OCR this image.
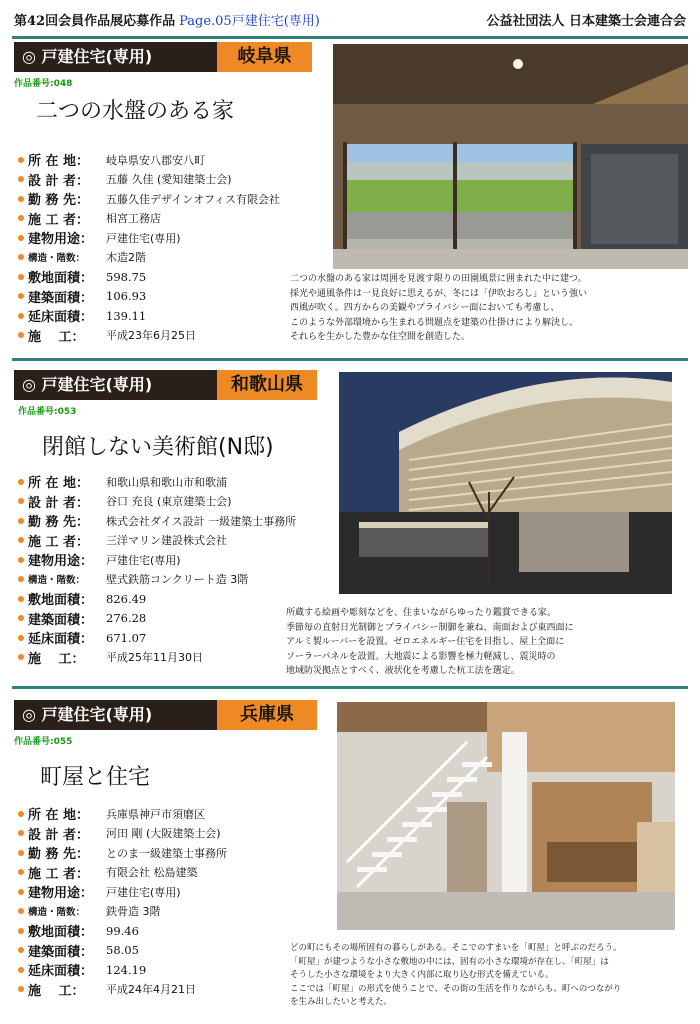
第42回会員作品展応募作品 Page.05戸建住宅(専用)	公益社団法人 日本建築士会連合会
◎ 戸建住宅(専用)	岐阜県
作品番号:048
二つの水盤のある家
所 在 地：	岐阜県安八郡安八町
設 計 者：	五藤 久佳 (愛知建築士会)
勤 務 先：	五藤久佳デザインオフィス有限会社
施 工 者：	相宮工務店
建物用途：	戸建住宅(専用)
構造・階数：	木造2階
敷地面積：	598.75
建築面積：	106.93
延床面積：	139.11
施　 工：	平成23年6月25日
二つの水盤のある家は周囲を見渡す限りの田園風景に囲まれた中に建つ。
採光や通風条件は一見良好に思えるが、冬には「伊吹おろし」という強い
西風が吹く。四方からの美観やプライバシー面においても考慮し、
このような外部環境から生まれる問題点を建築の仕掛けにより解決し、
それらを生かした豊かな住空間を創造した。
◎ 戸建住宅(専用)	和歌山県
作品番号:053
閉館しない美術館(N邸)
所 在 地：	和歌山県和歌山市和歌浦
設 計 者：	谷口 充良 (東京建築士会)
勤 務 先：	株式会社ダイス設計 一級建築士事務所
施 工 者：	三洋マリン建設株式会社
建物用途：	戸建住宅(専用)
構造・階数：	壁式鉄筋コンクリート造 3階
敷地面積：	826.49
建築面積：	276.28
延床面積：	671.07
施　 工：	平成25年11月30日
所蔵する絵画や彫刻などを、住まいながらゆったり鑑賞できる家。
季節毎の直射日光制御とプライバシー制御を兼ね、南面および東西面に
アルミ製ルーバーを設置。ゼロエネルギー住宅を目指し、屋上全面に
ソーラーパネルを設置。大地震による影響を極力軽減し、震災時の
地域防災拠点とすべく、液状化を考慮した杭工法を選定。
◎ 戸建住宅(専用)	兵庫県
作品番号:055
町屋と住宅
所 在 地：	兵庫県神戸市須磨区
設 計 者：	河田 剛 (大阪建築士会)
勤 務 先：	とのま一級建築士事務所
施 工 者：	有限会社 松島建築
建物用途：	戸建住宅(専用)
構造・階数：	鉄骨造 3階
敷地面積：	99.46
建築面積：	58.05
延床面積：	124.19
施　 工：	平成24年4月21日
どの町にもその場所固有の暮らしがある。そこでのすまいを「町屋」と呼ぶのだろう。
「町屋」が建つような小さな敷地の中には、固有の小さな環境が存在し、「町屋」は
そうした小さな環境をより大きく内部に取り込む形式を備えている。
ここでは「町屋」の形式を使うことで、その街の生活を作りながらも、町へのつながり
を生み出したいと考えた。
